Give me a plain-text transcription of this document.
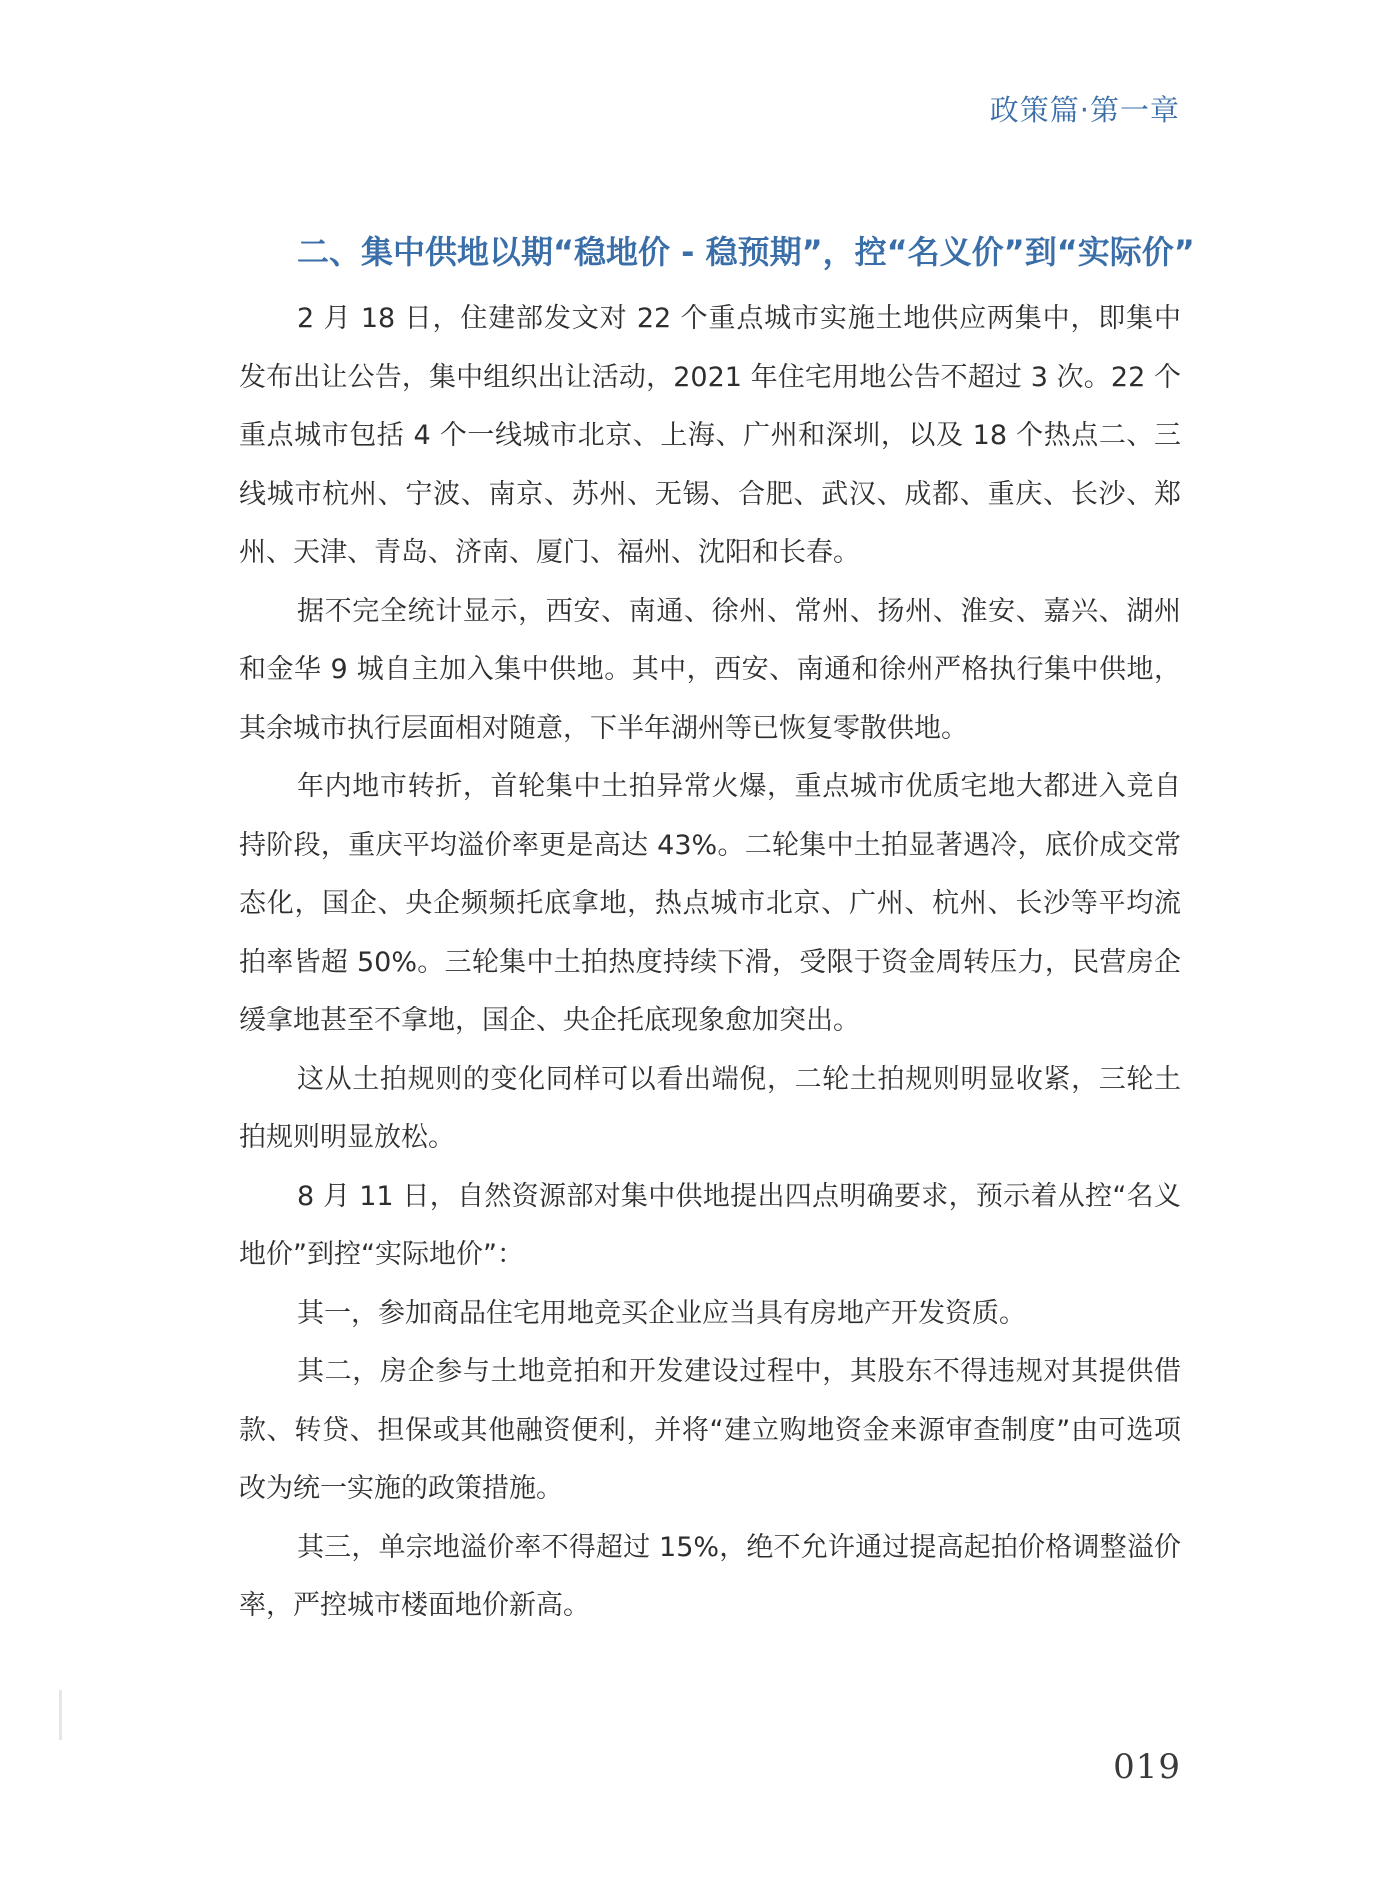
政策篇·第一章
二、集中供地以期“稳地价 - 稳预期”，控“名义价”到“实际价”

2 月 18 日，住建部发文对 22 个重点城市实施土地供应两集中，即集中发布出让公告，集中组织出让活动，2021 年住宅用地公告不超过 3 次。22 个重点城市包括 4 个一线城市北京、上海、广州和深圳，以及 18 个热点二、三线城市杭州、宁波、南京、苏州、无锡、合肥、武汉、成都、重庆、长沙、郑州、天津、青岛、济南、厦门、福州、沈阳和长春。

据不完全统计显示，西安、南通、徐州、常州、扬州、淮安、嘉兴、湖州和金华 9 城自主加入集中供地。其中，西安、南通和徐州严格执行集中供地，其余城市执行层面相对随意，下半年湖州等已恢复零散供地。

年内地市转折，首轮集中土拍异常火爆，重点城市优质宅地大都进入竞自持阶段，重庆平均溢价率更是高达 43%。二轮集中土拍显著遇冷，底价成交常态化，国企、央企频频托底拿地，热点城市北京、广州、杭州、长沙等平均流拍率皆超 50%。三轮集中土拍热度持续下滑，受限于资金周转压力，民营房企缓拿地甚至不拿地，国企、央企托底现象愈加突出。

这从土拍规则的变化同样可以看出端倪，二轮土拍规则明显收紧，三轮土拍规则明显放松。

8 月 11 日，自然资源部对集中供地提出四点明确要求，预示着从控“名义地价”到控“实际地价”：

其一，参加商品住宅用地竞买企业应当具有房地产开发资质。

其二，房企参与土地竞拍和开发建设过程中，其股东不得违规对其提供借款、转贷、担保或其他融资便利，并将“建立购地资金来源审查制度”由可选项改为统一实施的政策措施。

其三，单宗地溢价率不得超过 15%，绝不允许通过提高起拍价格调整溢价率，严控城市楼面地价新高。

019
